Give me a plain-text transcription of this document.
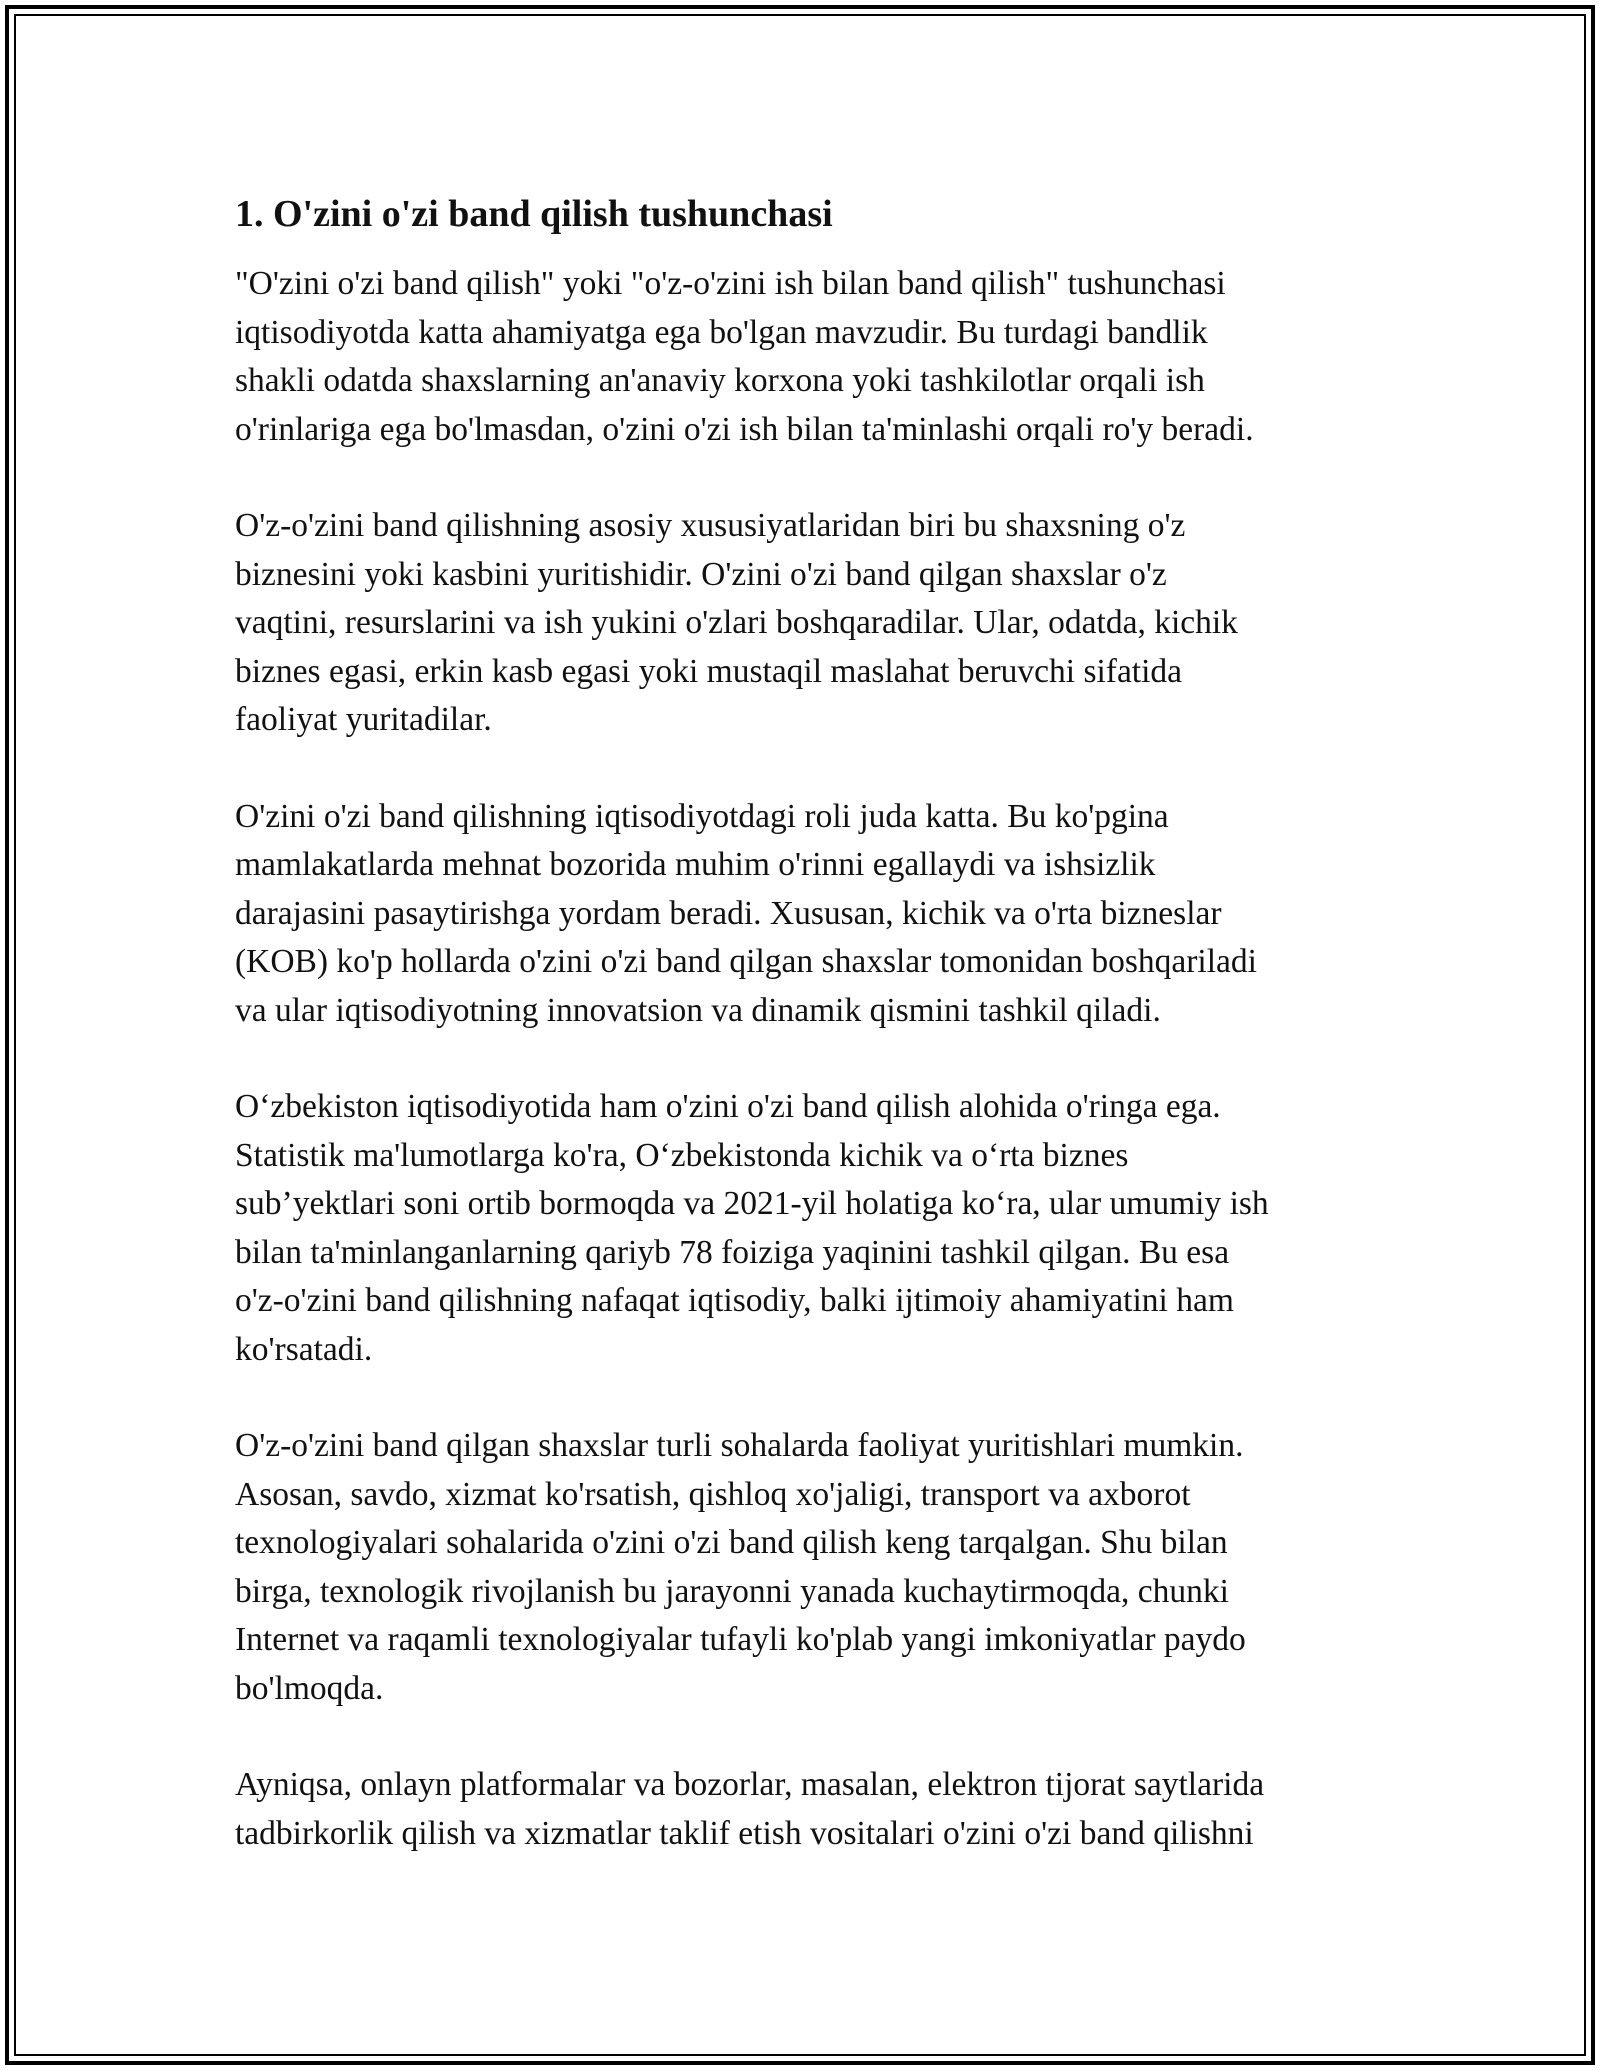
1. O'zini o'zi band qilish tushunchasi

"O'zini o'zi band qilish" yoki "o'z-o'zini ish bilan band qilish" tushunchasi
iqtisodiyotda katta ahamiyatga ega bo'lgan mavzudir. Bu turdagi bandlik
shakli odatda shaxslarning an'anaviy korxona yoki tashkilotlar orqali ish
o'rinlariga ega bo'lmasdan, o'zini o'zi ish bilan ta'minlashi orqali ro'y beradi.

O'z-o'zini band qilishning asosiy xususiyatlaridan biri bu shaxsning o'z
biznesini yoki kasbini yuritishidir. O'zini o'zi band qilgan shaxslar o'z
vaqtini, resurslarini va ish yukini o'zlari boshqaradilar. Ular, odatda, kichik
biznes egasi, erkin kasb egasi yoki mustaqil maslahat beruvchi sifatida
faoliyat yuritadilar.

O'zini o'zi band qilishning iqtisodiyotdagi roli juda katta. Bu ko'pgina
mamlakatlarda mehnat bozorida muhim o'rinni egallaydi va ishsizlik
darajasini pasaytirishga yordam beradi. Xususan, kichik va o'rta bizneslar
(KOB) ko'p hollarda o'zini o'zi band qilgan shaxslar tomonidan boshqariladi
va ular iqtisodiyotning innovatsion va dinamik qismini tashkil qiladi.

O‘zbekiston iqtisodiyotida ham o'zini o'zi band qilish alohida o'ringa ega.
Statistik ma'lumotlarga ko'ra, O‘zbekistonda kichik va o‘rta biznes
sub’yektlari soni ortib bormoqda va 2021-yil holatiga ko‘ra, ular umumiy ish
bilan ta'minlanganlarning qariyb 78 foiziga yaqinini tashkil qilgan. Bu esa
o'z-o'zini band qilishning nafaqat iqtisodiy, balki ijtimoiy ahamiyatini ham
ko'rsatadi.

O'z-o'zini band qilgan shaxslar turli sohalarda faoliyat yuritishlari mumkin.
Asosan, savdo, xizmat ko'rsatish, qishloq xo'jaligi, transport va axborot
texnologiyalari sohalarida o'zini o'zi band qilish keng tarqalgan. Shu bilan
birga, texnologik rivojlanish bu jarayonni yanada kuchaytirmoqda, chunki
Internet va raqamli texnologiyalar tufayli ko'plab yangi imkoniyatlar paydo
bo'lmoqda.

Ayniqsa, onlayn platformalar va bozorlar, masalan, elektron tijorat saytlarida
tadbirkorlik qilish va xizmatlar taklif etish vositalari o'zini o'zi band qilishni
